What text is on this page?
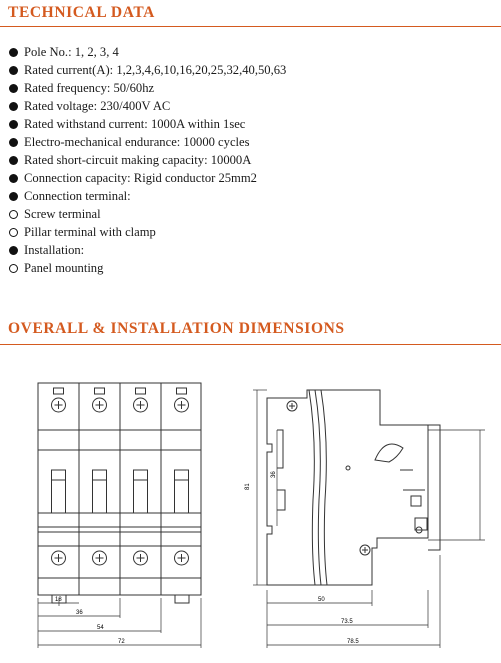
TECHNICAL DATA
Pole No.: 1, 2, 3, 4
Rated current(A): 1,2,3,4,6,10,16,20,25,32,40,50,63
Rated frequency: 50/60hz
Rated voltage: 230/400V AC
Rated withstand current: 1000A within 1sec
Electro-mechanical endurance: 10000 cycles
Rated short-circuit making capacity: 10000A
Connection capacity: Rigid conductor 25mm2
Connection terminal:
Screw terminal
Pillar terminal with clamp
Installation:
Panel mounting
OVERALL & INSTALLATION DIMENSIONS
18
36
54
72
81
36
50
73.5
78.5
